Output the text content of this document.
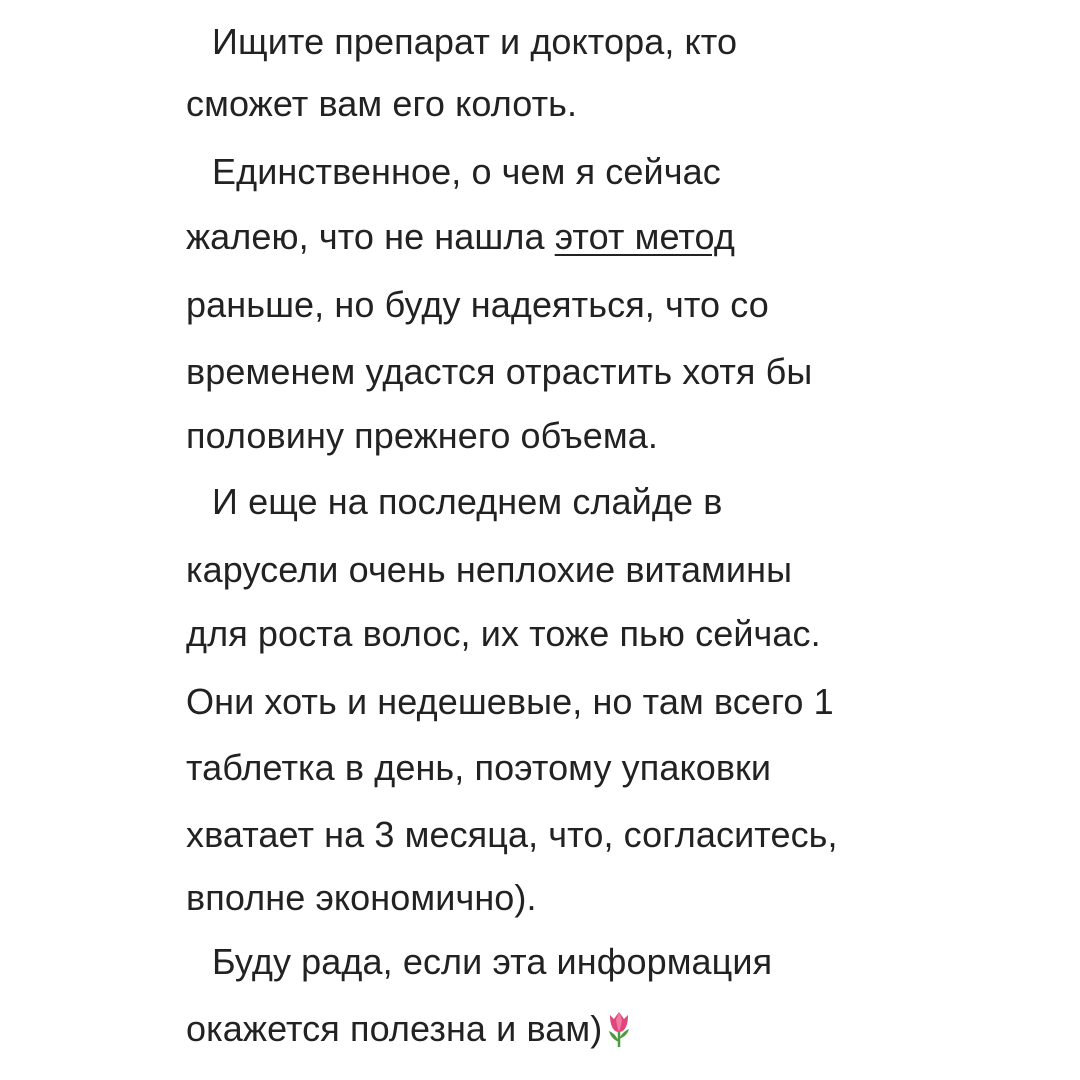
Ищите препарат и доктора, кто
сможет вам его колоть.
Единственное, о чем я сейчас
жалею, что не нашла этот метод
раньше, но буду надеяться, что со
временем удастся отрастить хотя бы
половину прежнего объема.
И еще на последнем слайде в
карусели очень неплохие витамины
для роста волос, их тоже пью сейчас.
Они хоть и недешевые, но там всего 1
таблетка в день, поэтому упаковки
хватает на 3 месяца, что, согласитесь,
вполне экономично).
Буду рада, если эта информация
окажется полезна и вам)
